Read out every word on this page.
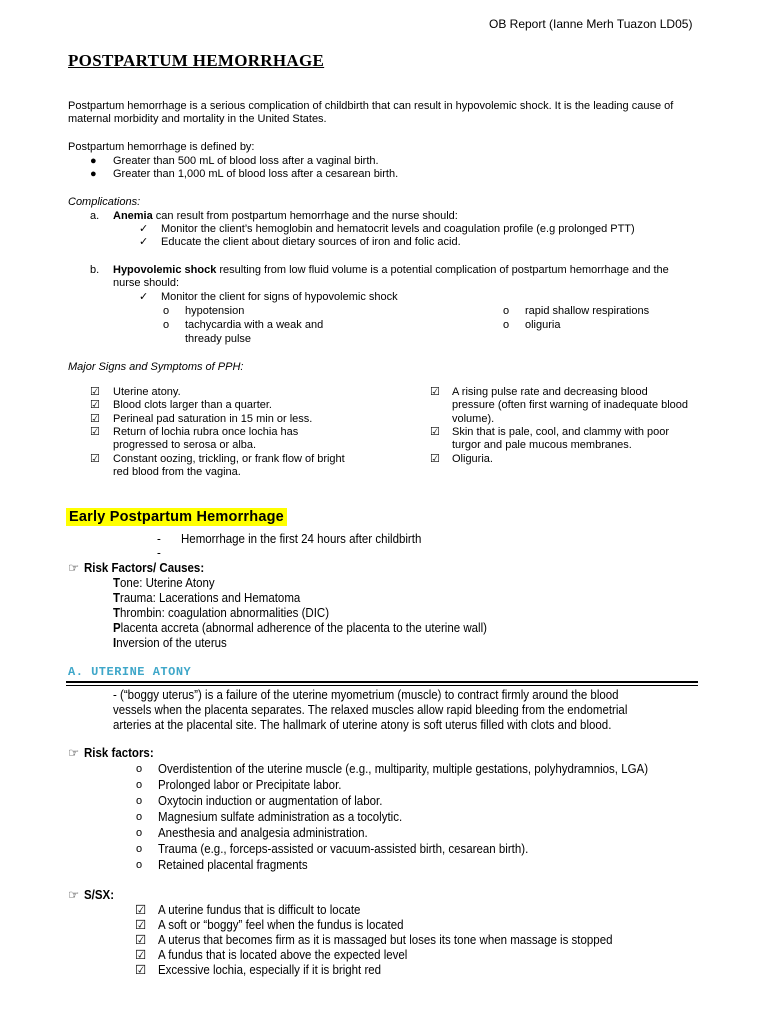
OB Report (Ianne Merh Tuazon LD05)
POSTPARTUM HEMORRHAGE
Postpartum hemorrhage is a serious complication of childbirth that can result in hypovolemic shock. It is the leading cause of
maternal morbidity and mortality in the United States.
Postpartum hemorrhage is defined by:
● Greater than 500 mL of blood loss after a vaginal birth.
● Greater than 1,000 mL of blood loss after a cesarean birth.
Complications:
a. Anemia can result from postpartum hemorrhage and the nurse should:
✓ Monitor the client’s hemoglobin and hematocrit levels and coagulation profile (e.g prolonged PTT)
✓ Educate the client about dietary sources of iron and folic acid.
b. Hypovolemic shock resulting from low fluid volume is a potential complication of postpartum hemorrhage and the
nurse should:
✓ Monitor the client for signs of hypovolemic shock
o hypotension
o tachycardia with a weak and
thready pulse
o rapid shallow respirations
o oliguria
Major Signs and Symptoms of PPH:
☑ Uterine atony.
☑ Blood clots larger than a quarter.
☑ Perineal pad saturation in 15 min or less.
☑ Return of lochia rubra once lochia has
progressed to serosa or alba.
☑ Constant oozing, trickling, or frank flow of bright
red blood from the vagina.
☑ A rising pulse rate and decreasing blood
pressure (often first warning of inadequate blood
volume).
☑ Skin that is pale, cool, and clammy with poor
turgor and pale mucous membranes.
☑ Oliguria.
Early Postpartum Hemorrhage
- Hemorrhage in the first 24 hours after childbirth
-
☞ Risk Factors/ Causes:
Tone: Uterine Atony
Trauma: Lacerations and Hematoma
Thrombin: coagulation abnormalities (DIC)
Placenta accreta (abnormal adherence of the placenta to the uterine wall)
Inversion of the uterus
A. UTERINE ATONY
- (“boggy uterus”) is a failure of the uterine myometrium (muscle) to contract firmly around the blood
vessels when the placenta separates. The relaxed muscles allow rapid bleeding from the endometrial
arteries at the placental site. The hallmark of uterine atony is soft uterus filled with clots and blood.
☞ Risk factors:
o Overdistention of the uterine muscle (e.g., multiparity, multiple gestations, polyhydramnios, LGA)
o Prolonged labor or Precipitate labor.
o Oxytocin induction or augmentation of labor.
o Magnesium sulfate administration as a tocolytic.
o Anesthesia and analgesia administration.
o Trauma (e.g., forceps-assisted or vacuum-assisted birth, cesarean birth).
o Retained placental fragments
☞ S/SX:
☑ A uterine fundus that is difficult to locate
☑ A soft or “boggy” feel when the fundus is located
☑ A uterus that becomes firm as it is massaged but loses its tone when massage is stopped
☑ A fundus that is located above the expected level
☑ Excessive lochia, especially if it is bright red
